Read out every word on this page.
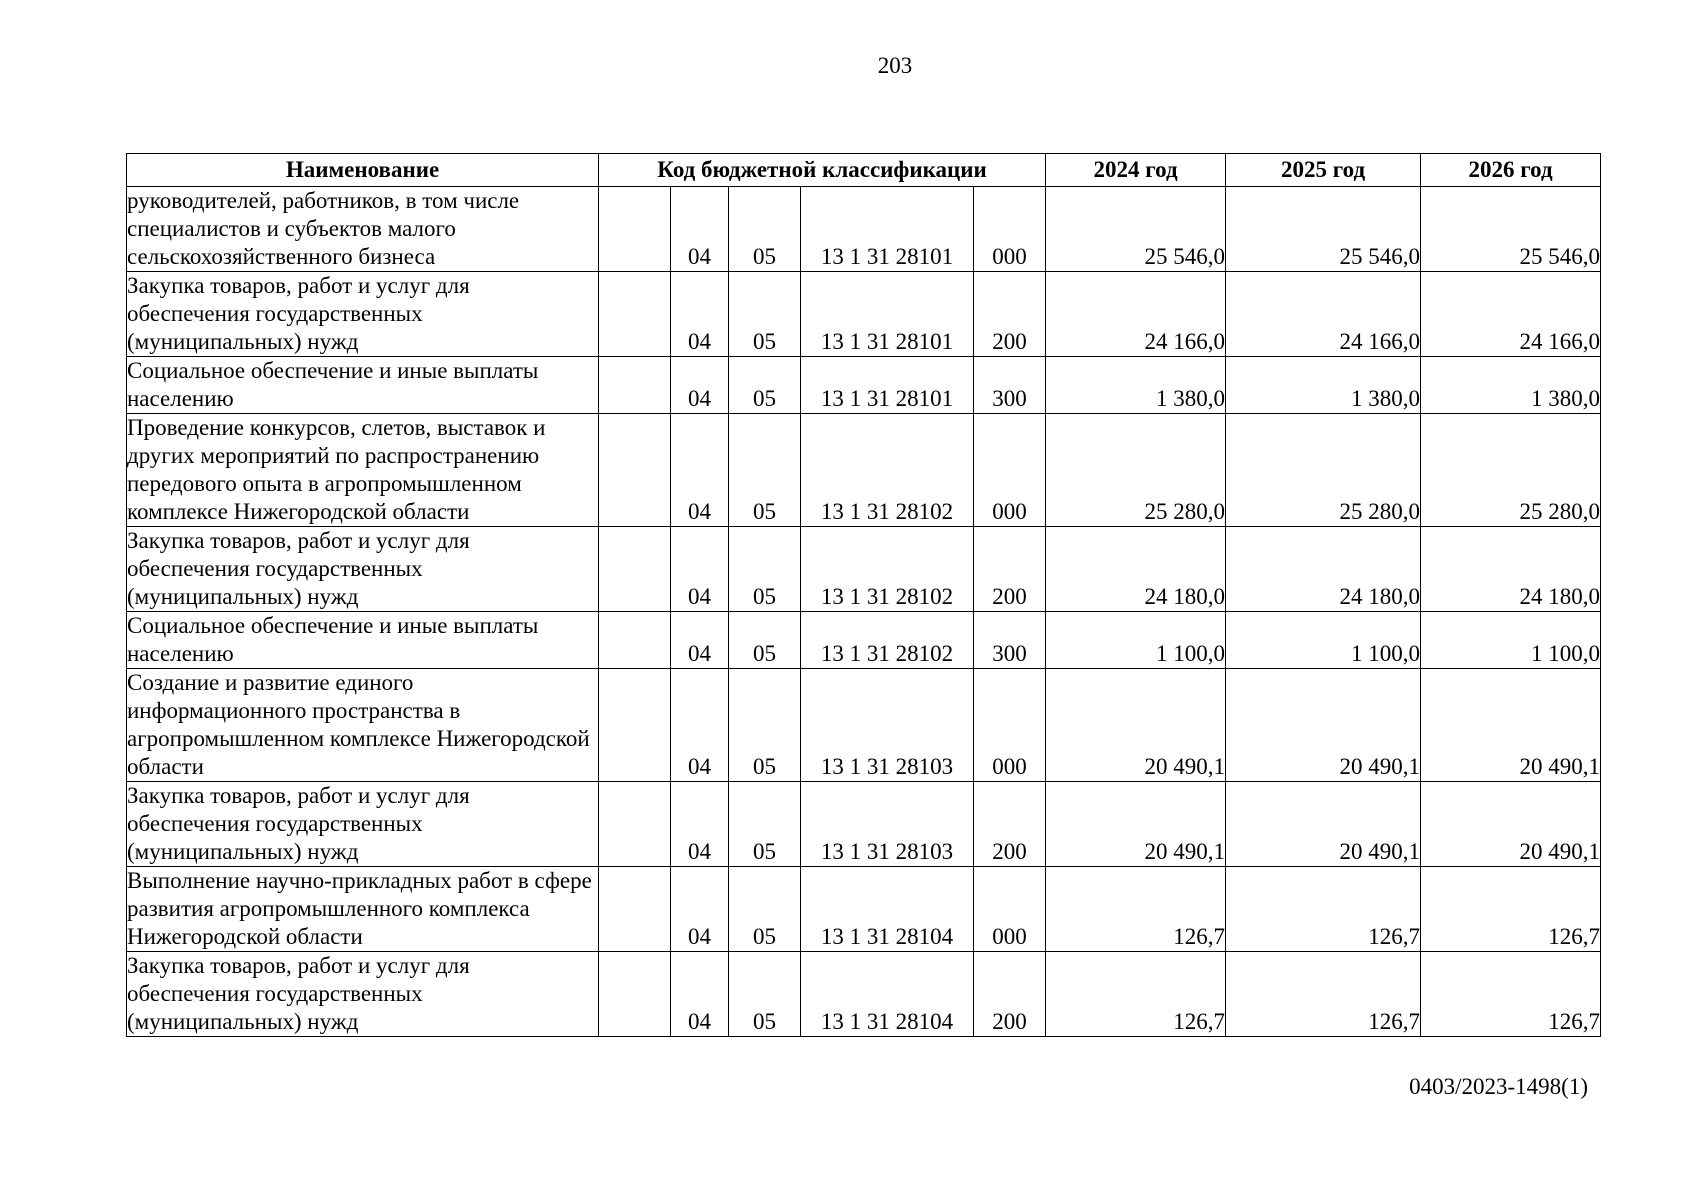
203
Наименование	Код бюджетной классификации					2024 год	2025 год	2026 год
руководителей, работников, в том числе специалистов и субъектов малого сельскохозяйственного бизнеса		04	05	13 1 31 28101	000	25 546,0	25 546,0	25 546,0
Закупка товаров, работ и услуг для обеспечения государственных (муниципальных) нужд		04	05	13 1 31 28101	200	24 166,0	24 166,0	24 166,0
Социальное обеспечение и иные выплаты населению		04	05	13 1 31 28101	300	1 380,0	1 380,0	1 380,0
Проведение конкурсов, слетов, выставок и других мероприятий по распространению передового опыта в агропромышленном комплексе Нижегородской области		04	05	13 1 31 28102	000	25 280,0	25 280,0	25 280,0
Закупка товаров, работ и услуг для обеспечения государственных (муниципальных) нужд		04	05	13 1 31 28102	200	24 180,0	24 180,0	24 180,0
Социальное обеспечение и иные выплаты населению		04	05	13 1 31 28102	300	1 100,0	1 100,0	1 100,0
Создание и развитие единого информационного пространства в агропромышленном комплексе Нижегородской области		04	05	13 1 31 28103	000	20 490,1	20 490,1	20 490,1
Закупка товаров, работ и услуг для обеспечения государственных (муниципальных) нужд		04	05	13 1 31 28103	200	20 490,1	20 490,1	20 490,1
Выполнение научно-прикладных работ в сфере развития агропромышленного комплекса Нижегородской области		04	05	13 1 31 28104	000	126,7	126,7	126,7
Закупка товаров, работ и услуг для обеспечения государственных (муниципальных) нужд		04	05	13 1 31 28104	200	126,7	126,7	126,7
0403/2023-1498(1)
